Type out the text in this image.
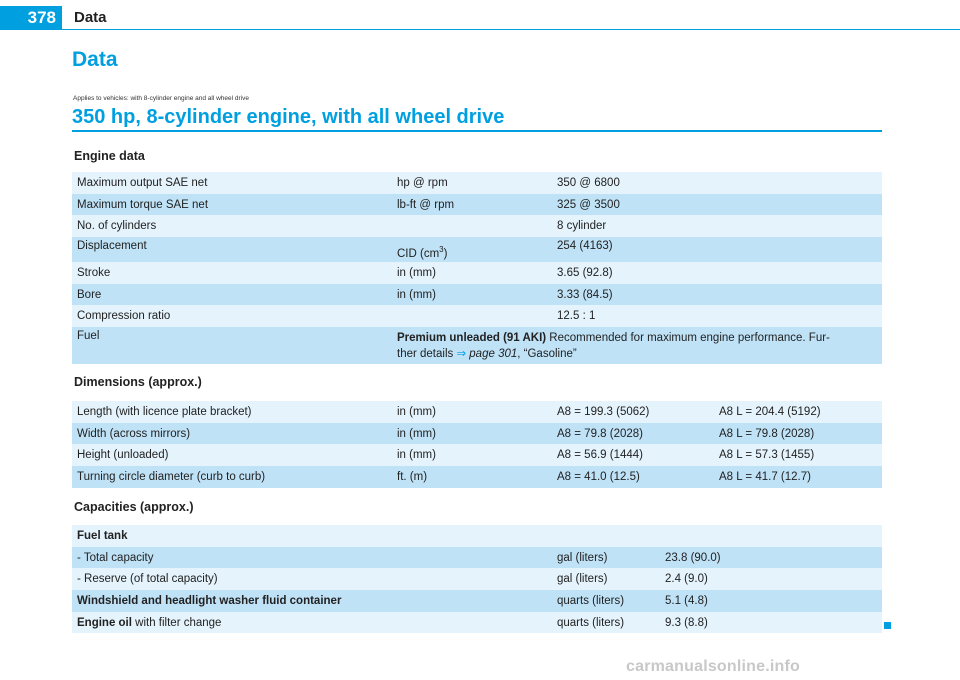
378 Data
Data
Applies to vehicles: with 8-cylinder engine and all wheel drive
350 hp, 8-cylinder engine, with all wheel drive
Engine data
Maximum output SAE net	hp @ rpm	350 @ 6800
Maximum torque SAE net	lb-ft @ rpm	325 @ 3500
No. of cylinders		8 cylinder
Displacement	CID $(cm^3)$	254 (4163)
Stroke	in (mm)	3.65 (92.8)
Bore	in (mm)	3.33 (84.5)
Compression ratio		12.5 : 1
Fuel	Premium unleaded (91 AKI) Recommended for maximum engine performance. Fur-
ther details ⇒ page 301, “Gasoline”	
Dimensions (approx.)
Length (with licence plate bracket)	in (mm)	A8 = 199.3 (5062)	A8 L = 204.4 (5192)
Width (across mirrors)	in (mm)	A8 = 79.8 (2028)	A8 L = 79.8 (2028)
Height (unloaded)	in (mm)	A8 = 56.9 (1444)	A8 L = 57.3 (1455)
Turning circle diameter (curb to curb)	ft. (m)	A8 = 41.0 (12.5)	A8 L = 41.7 (12.7)
Capacities (approx.)
Fuel tank		
- Total capacity	gal (liters)	23.8 (90.0)
- Reserve (of total capacity)	gal (liters)	2.4 (9.0)
Windshield and headlight washer fluid container	quarts (liters)	5.1 (4.8)
Engine oil with filter change	quarts (liters)	9.3 (8.8)
carmanualsonline.info
